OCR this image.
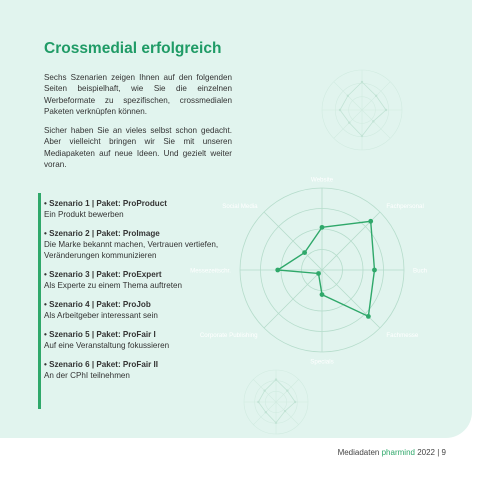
Website
Fachpersonal
Buch
Fachmesse
Specials
Corporate Publishing
Messezeitschr.
Social Media
Crossmedial erfolgreich

Sechs Szenarien zeigen Ihnen auf den folgenden Seiten beispielhaft, wie Sie die einzelnen Werbeformate zu spezifischen, crossmedialen Paketen verknüpfen können.

Sicher haben Sie an vieles selbst schon gedacht. Aber vielleicht bringen wir Sie mit unseren Mediapaketen auf neue Ideen. Und gezielt weiter voran.

• Szenario 1 | Paket: ProProduct
Ein Produkt bewerben
• Szenario 2 | Paket: ProImage
Die Marke bekannt machen, Vertrauen vertiefen, Veränderungen kommunizieren
• Szenario 3 | Paket: ProExpert
Als Experte zu einem Thema auftreten
• Szenario 4 | Paket: ProJob
Als Arbeitgeber interessant sein
• Szenario 5 | Paket: ProFair I
Auf eine Veranstaltung fokussieren
• Szenario 6 | Paket: ProFair II
An der CPhI teilnehmen
Mediadaten pharmind 2022 | 9
